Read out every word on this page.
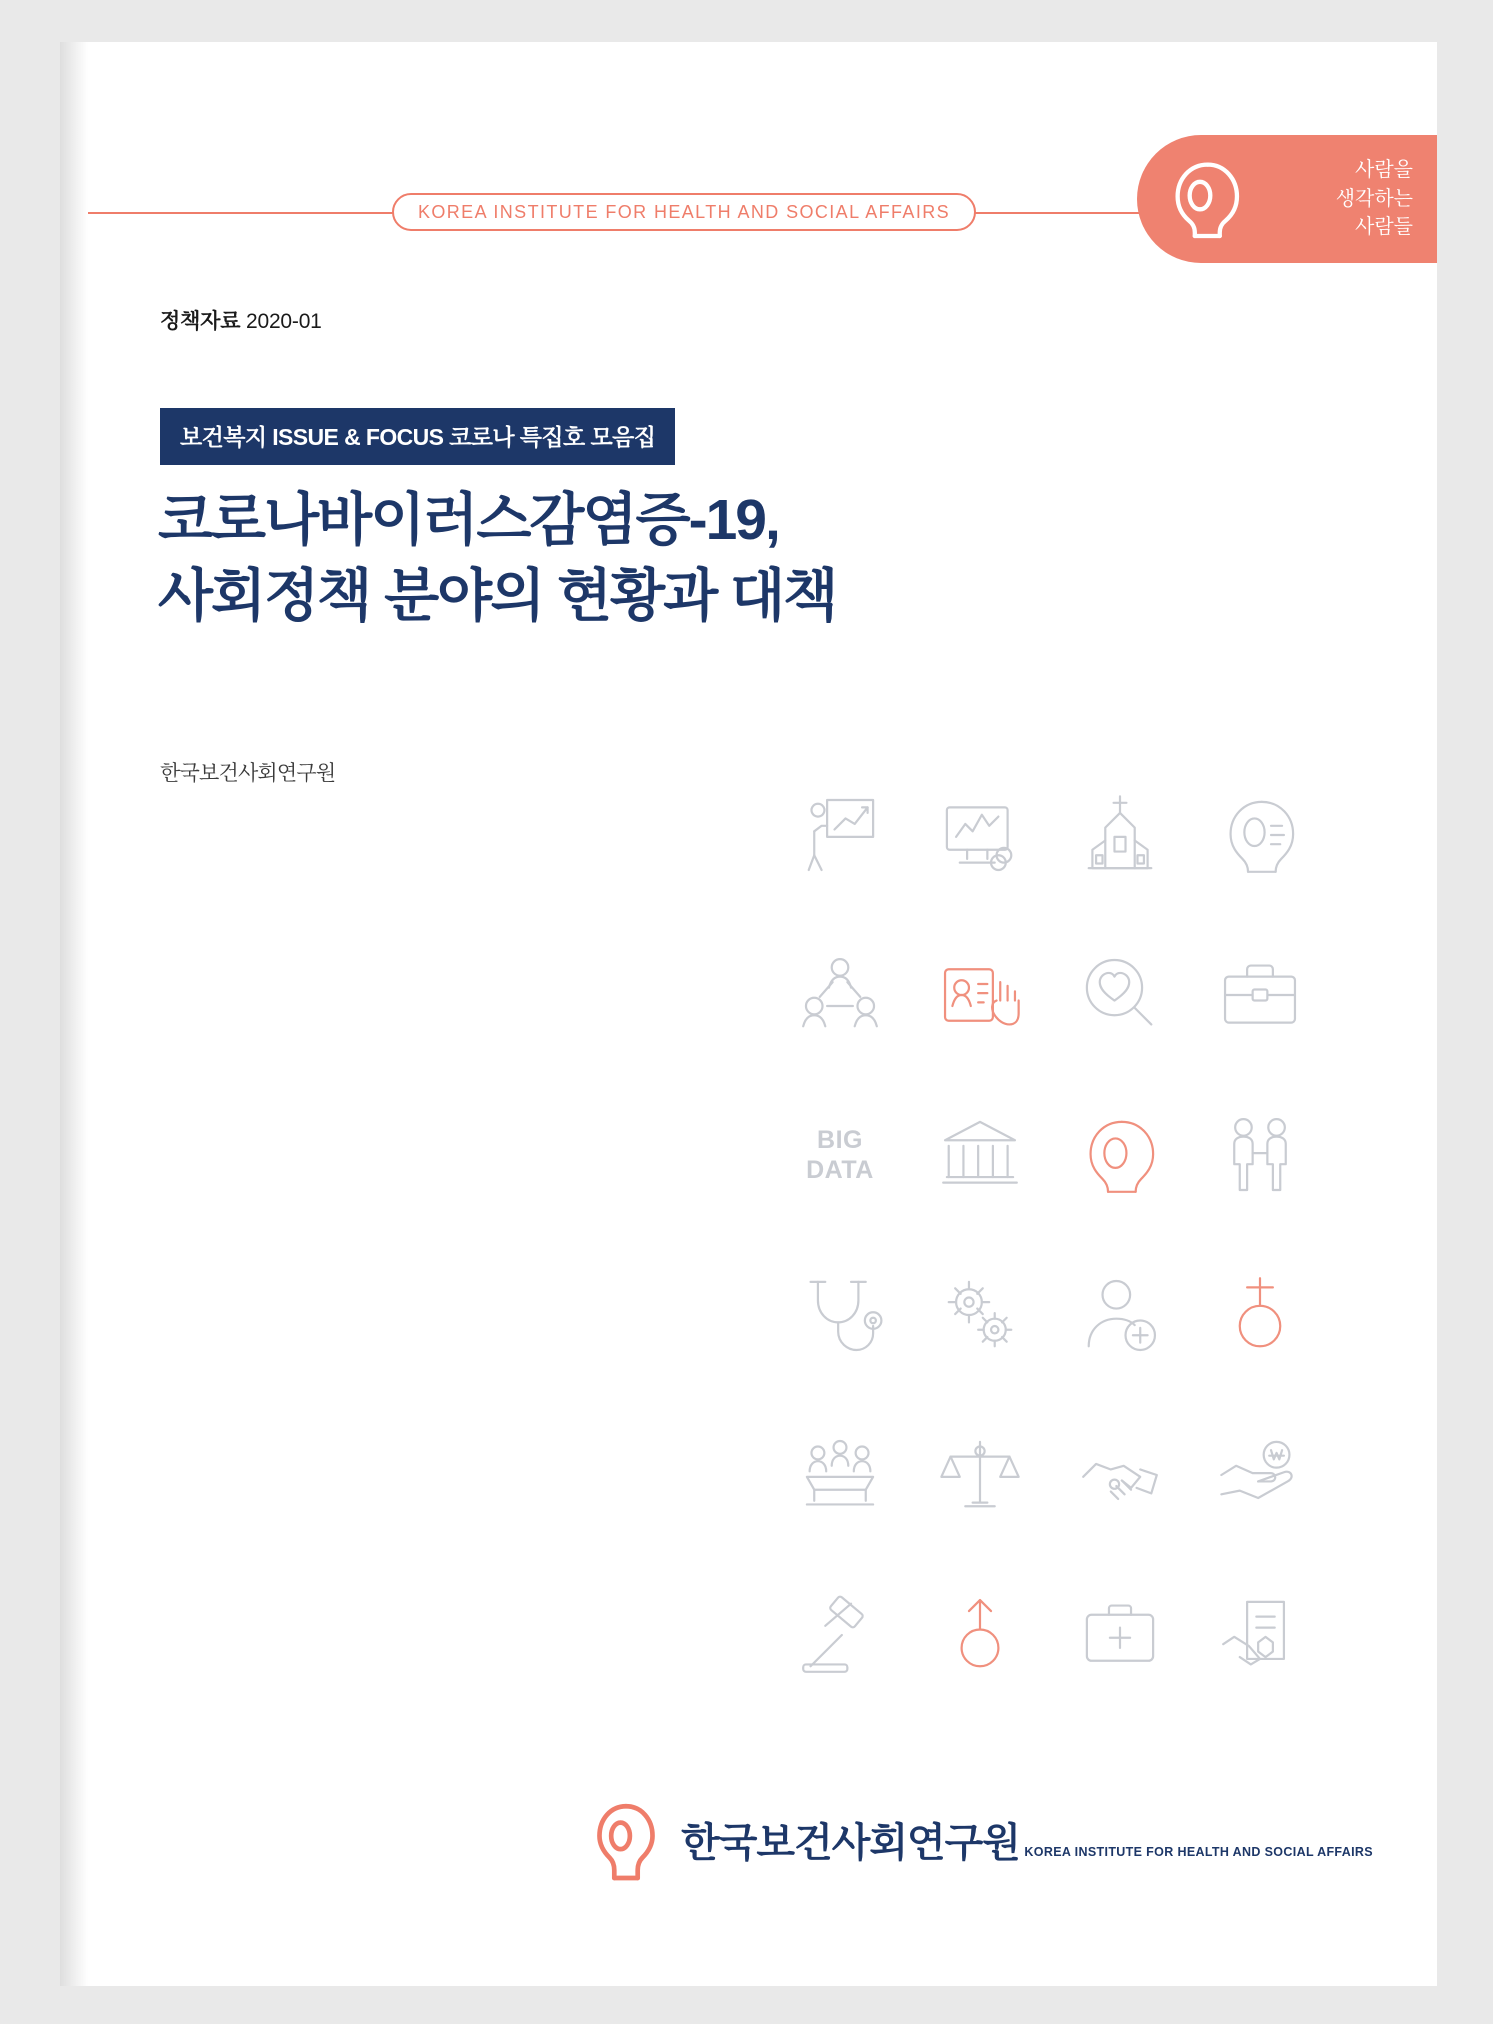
KOREA INSTITUTE FOR HEALTH AND SOCIAL AFFAIRS
사람을
생각하는
사람들
정책자료 2020-01
보건복지 ISSUE & FOCUS 코로나 특집호 모음집
코로나바이러스감염증-19,
사회정책 분야의 현황과 대책
한국보건사회연구원
BIG
DATA
한국보건사회연구원 KOREA INSTITUTE FOR HEALTH AND SOCIAL AFFAIRS
